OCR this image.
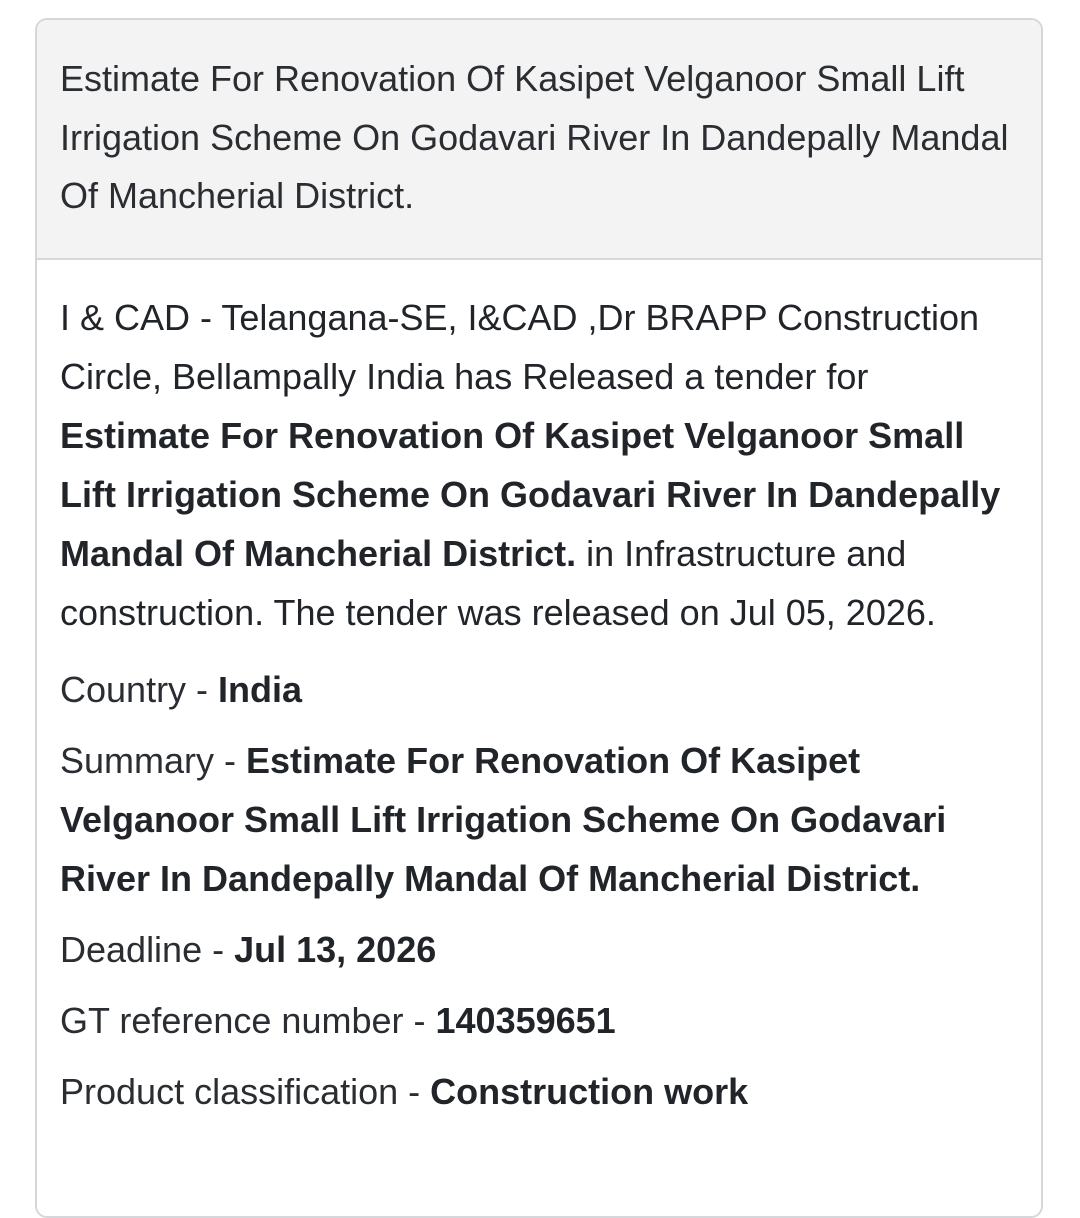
Estimate For Renovation Of Kasipet Velganoor Small Lift Irrigation Scheme On Godavari River In Dandepally Mandal Of Mancherial District.

I & CAD - Telangana-SE, I&CAD ,Dr BRAPP Construction Circle, Bellampally India has Released a tender for Estimate For Renovation Of Kasipet Velganoor Small Lift Irrigation Scheme On Godavari River In Dandepally Mandal Of Mancherial District. in Infrastructure and construction. The tender was released on Jul 05, 2026.

Country - India
Summary - Estimate For Renovation Of Kasipet Velganoor Small Lift Irrigation Scheme On Godavari River In Dandepally Mandal Of Mancherial District.
Deadline - Jul 13, 2026
GT reference number - 140359651
Product classification - Construction work
